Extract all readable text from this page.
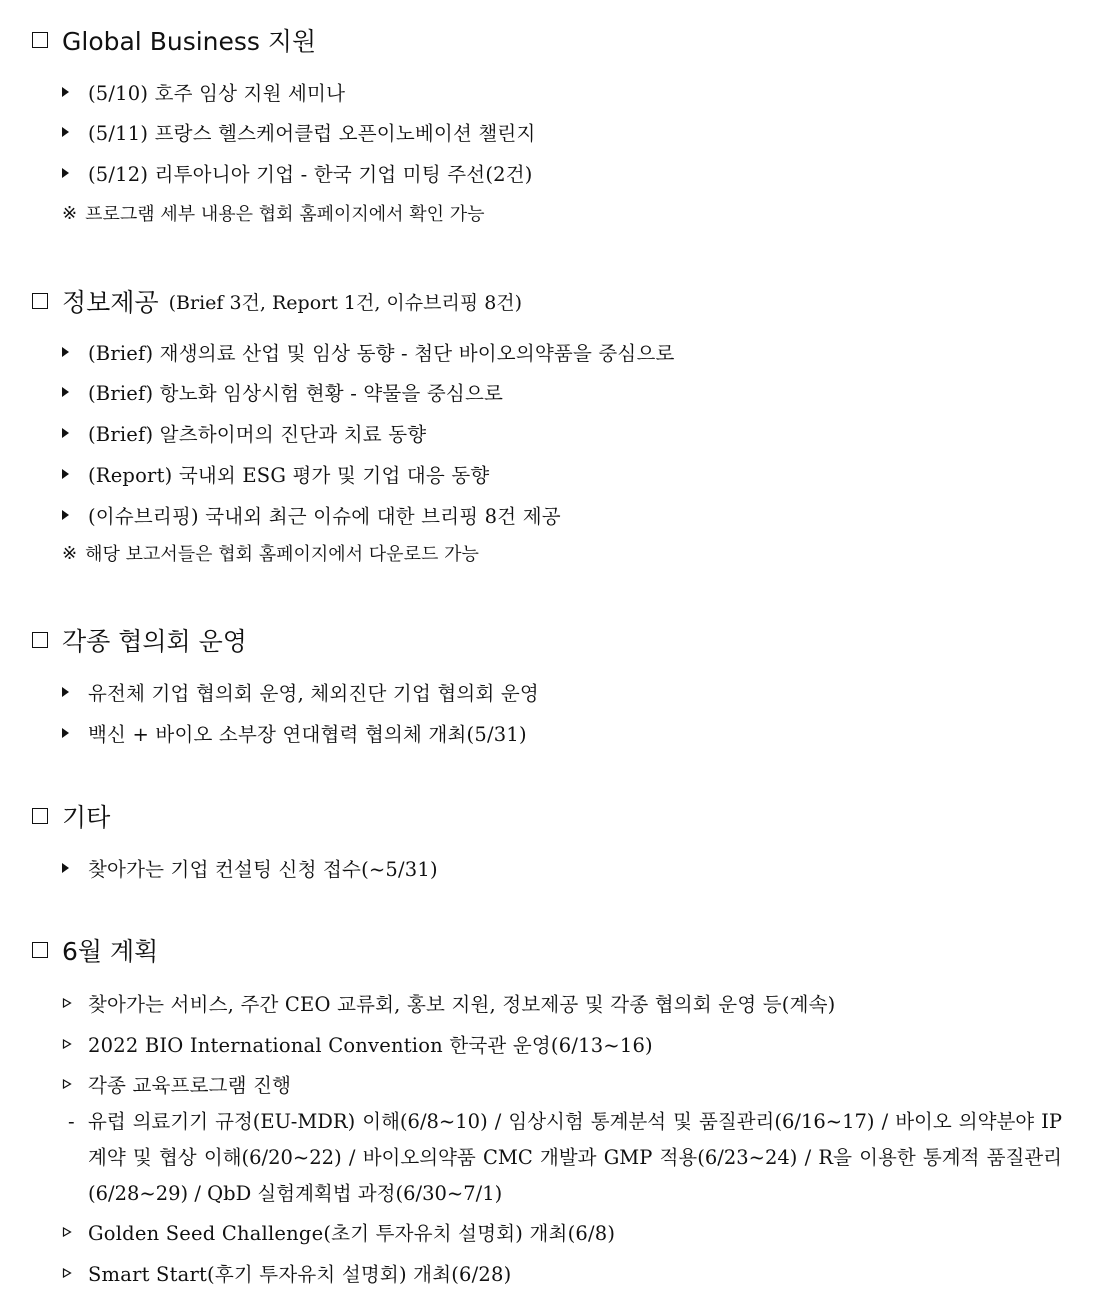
Global Business 지원
(5/10) 호주 임상 지원 세미나
(5/11) 프랑스 헬스케어클럽 오픈이노베이션 챌린지
(5/12) 리투아니아 기업 - 한국 기업 미팅 주선(2건)
※ 프로그램 세부 내용은 협회 홈페이지에서 확인 가능
정보제공 (Brief 3건, Report 1건, 이슈브리핑 8건)
(Brief) 재생의료 산업 및 임상 동향 - 첨단 바이오의약품을 중심으로
(Brief) 항노화 임상시험 현황 - 약물을 중심으로
(Brief) 알츠하이머의 진단과 치료 동향
(Report) 국내외 ESG 평가 및 기업 대응 동향
(이슈브리핑) 국내외 최근 이슈에 대한 브리핑 8건 제공
※ 해당 보고서들은 협회 홈페이지에서 다운로드 가능
각종 협의회 운영
유전체 기업 협의회 운영, 체외진단 기업 협의회 운영
백신 + 바이오 소부장 연대협력 협의체 개최(5/31)
기타
찾아가는 기업 컨설팅 신청 접수(~5/31)
6월 계획
찾아가는 서비스, 주간 CEO 교류회, 홍보 지원, 정보제공 및 각종 협의회 운영 등(계속)
2022 BIO International Convention 한국관 운영(6/13~16)
각종 교육프로그램 진행
- 유럽 의료기기 규정(EU-MDR) 이해(6/8~10) / 임상시험 통계분석 및 품질관리(6/16~17) / 바이오 의약분야 IP 계약 및 협상 이해(6/20~22) / 바이오의약품 CMC 개발과 GMP 적용(6/23~24) / R을 이용한 통계적 품질관리(6/28~29) / QbD 실험계획법 과정(6/30~7/1)
Golden Seed Challenge(초기 투자유치 설명회) 개최(6/8)
Smart Start(후기 투자유치 설명회) 개최(6/28)
